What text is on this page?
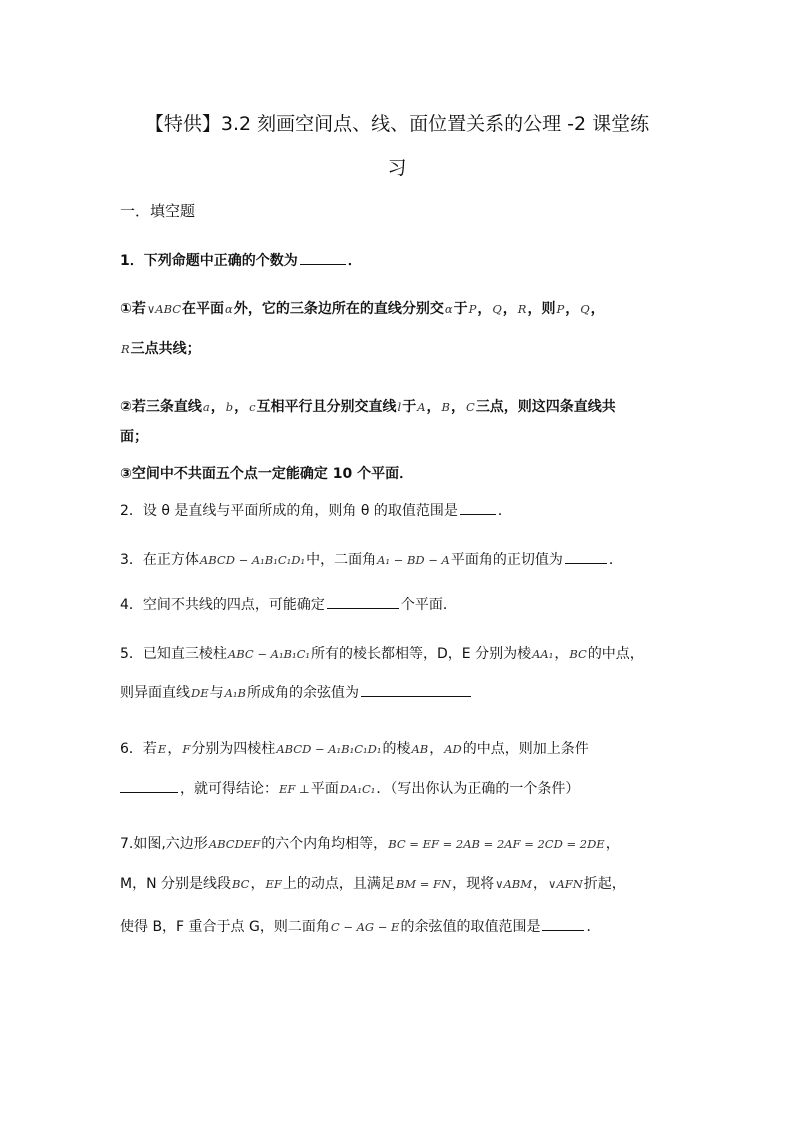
【特供】3.2 刻画空间点、线、面位置关系的公理 -2 课堂练
习
一．填空题
1．下列命题中正确的个数为	．
①若∨ABC在平面α外，它的三条边所在的直线分别交α于P，Q，R，则P，Q，
R三点共线；
②若三条直线a，b，c互相平行且分别交直线l于A，B，C三点，则这四条直线共
面；
③空间中不共面五个点一定能确定 10 个平面．
2．设 θ 是直线与平面所成的角，则角 θ 的取值范围是	．
3．在正方体ABCD − A₁B₁C₁D₁中，二面角A₁ − BD − A平面角的正切值为	．
4．空间不共线的四点，可能确定	个平面．
5．已知直三棱柱ABC − A₁B₁C₁所有的棱长都相等，D，E 分别为棱AA₁，BC的中点，
则异面直线DE与A₁B所成角的余弦值为
6．若E，F分别为四棱柱ABCD − A₁B₁C₁D₁的棱AB，AD的中点，则加上条件
，就可得结论：EF ⊥平面DA₁C₁．（写出你认为正确的一个条件）
7.如图,六边形ABCDEF的六个内角均相等，BC = EF = 2AB = 2AF = 2CD = 2DE，
M，N 分别是线段BC，EF上的动点，且满足BM = FN，现将∨ABM，∨AFN折起，
使得 B，F 重合于点 G，则二面角C − AG − E的余弦值的取值范围是	．
